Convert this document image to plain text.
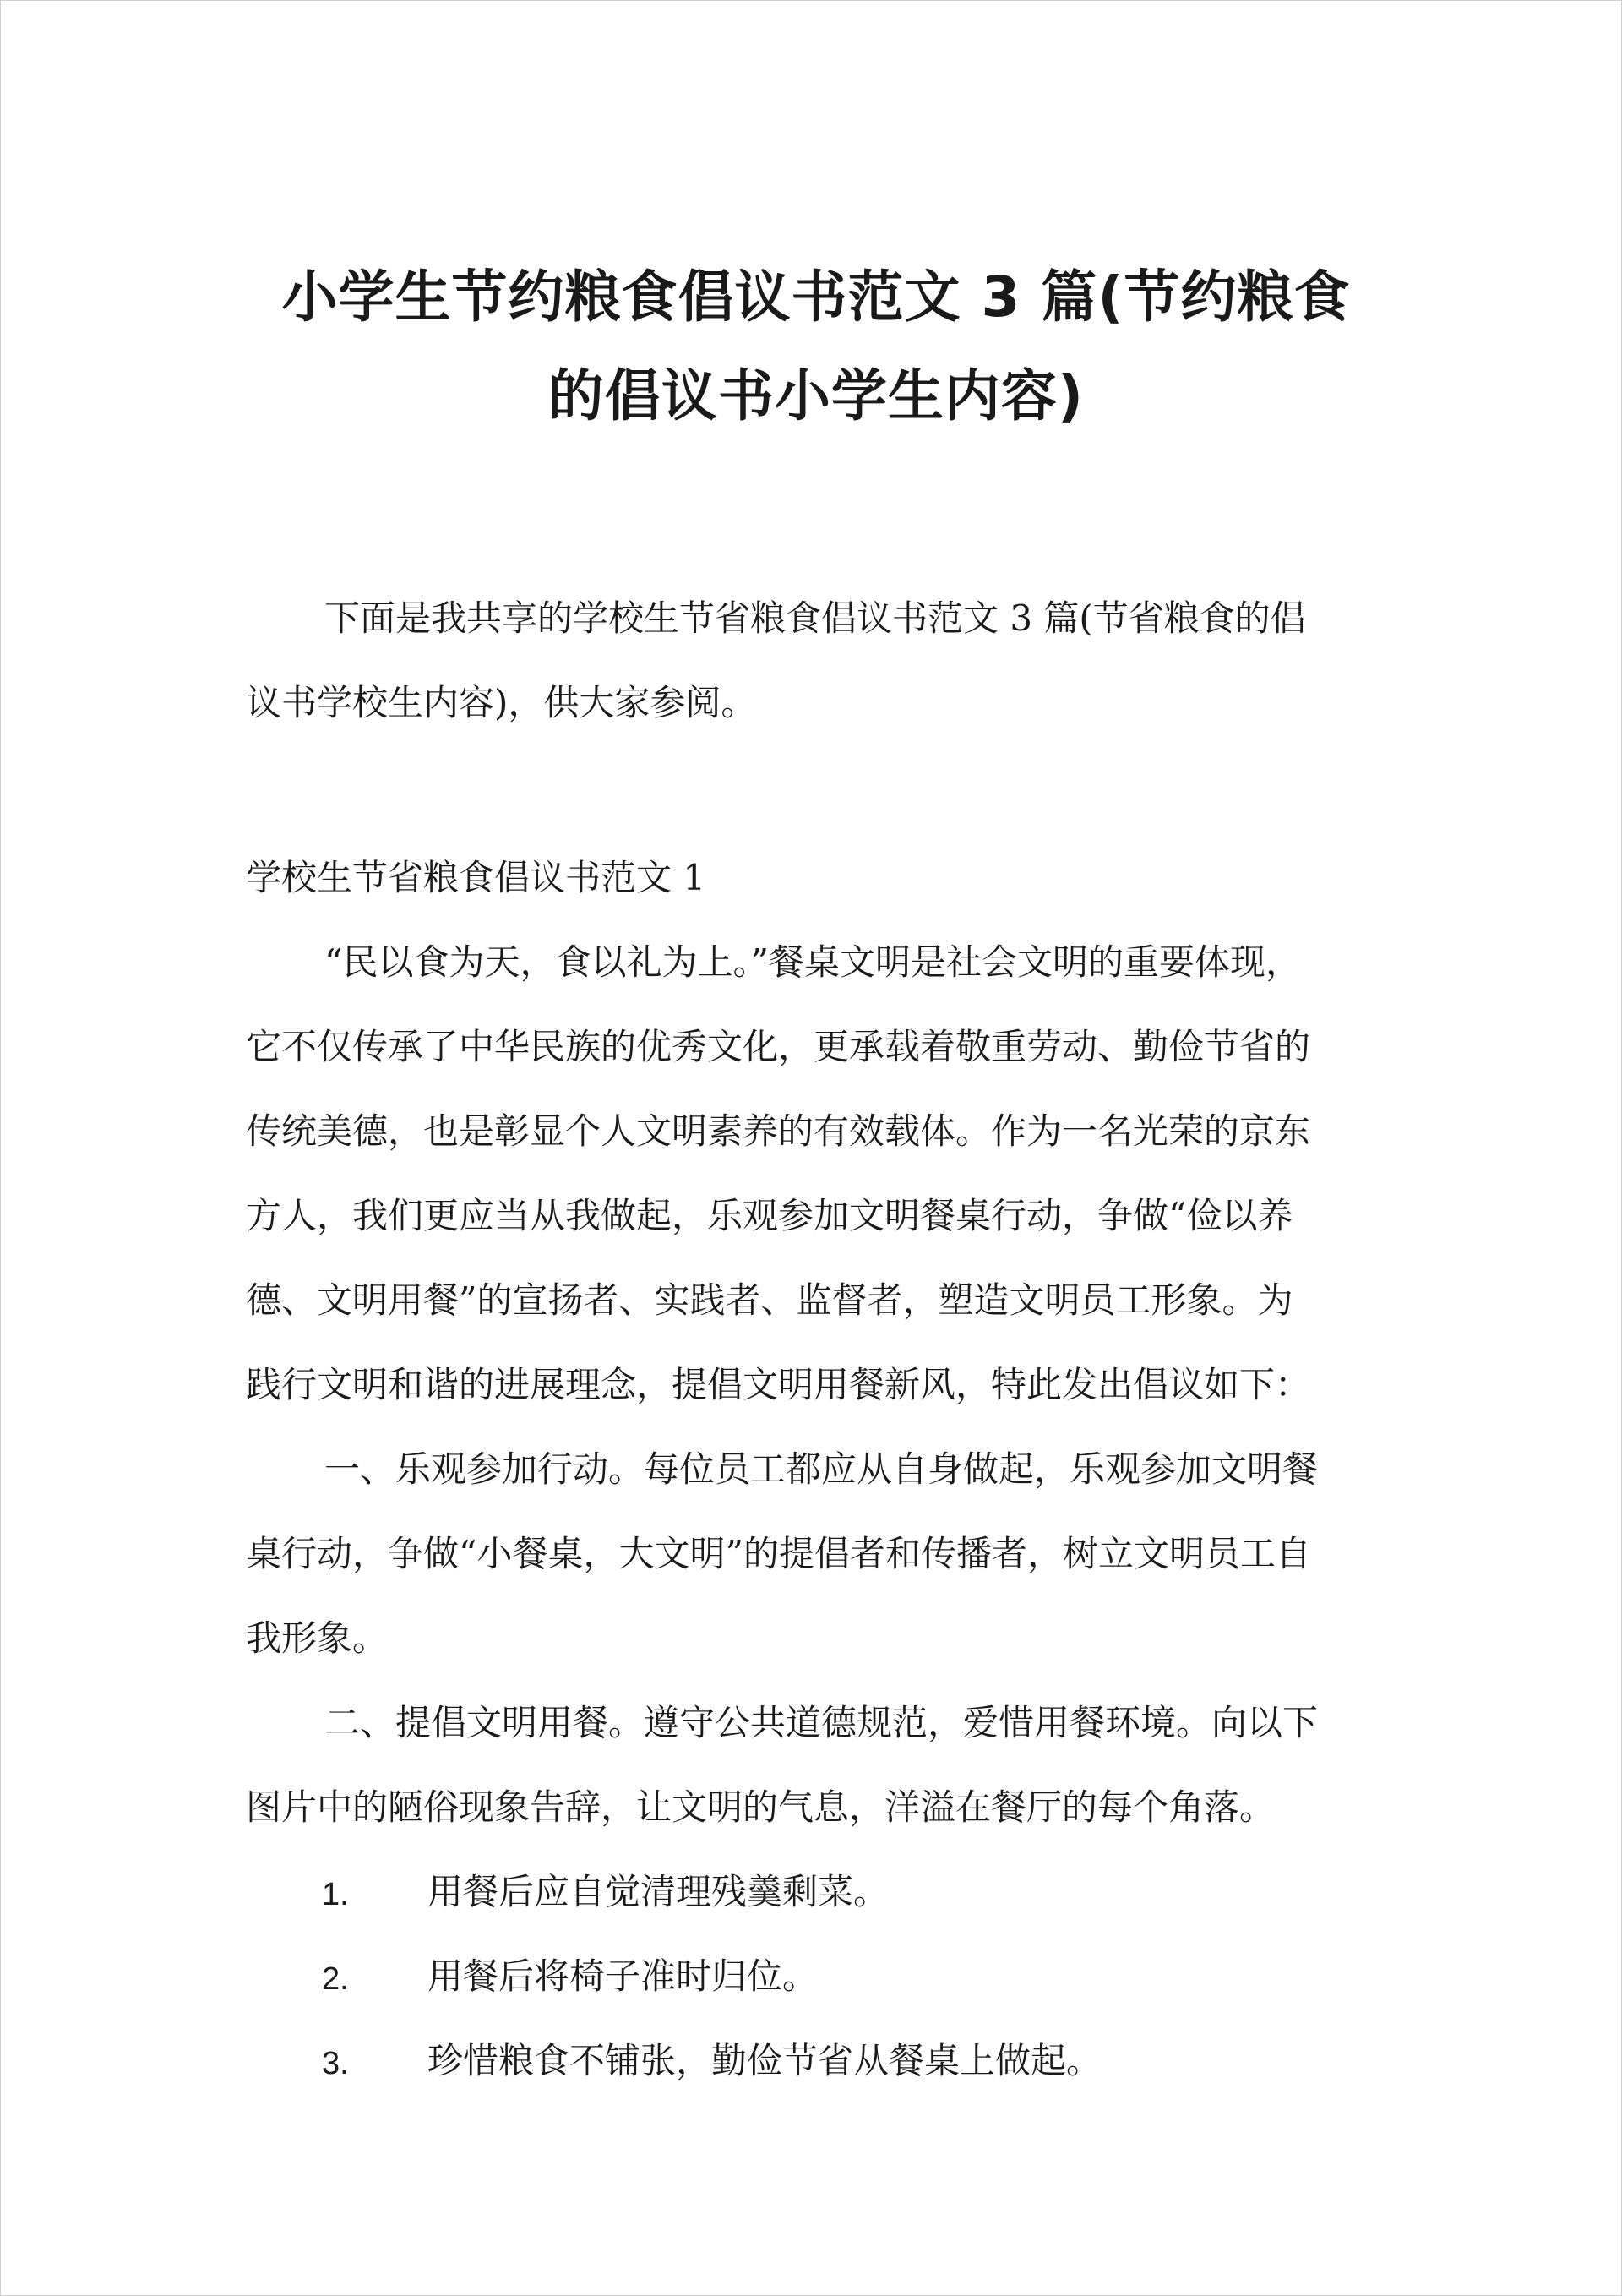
小学生节约粮食倡议书范文 3 篇(节约粮食
的倡议书小学生内容)

下面是我共享的学校生节省粮食倡议书范文 3 篇(节省粮食的倡

议书学校生内容)，供大家参阅。

学校生节省粮食倡议书范文 1

“民以食为天，食以礼为上。”餐桌文明是社会文明的重要体现，

它不仅传承了中华民族的优秀文化，更承载着敬重劳动、勤俭节省的

传统美德，也是彰显个人文明素养的有效载体。作为一名光荣的京东

方人，我们更应当从我做起，乐观参加文明餐桌行动，争做“俭以养

德、文明用餐”的宣扬者、实践者、监督者，塑造文明员工形象。为

践行文明和谐的进展理念，提倡文明用餐新风，特此发出倡议如下：

一、乐观参加行动。每位员工都应从自身做起，乐观参加文明餐

桌行动，争做“小餐桌，大文明”的提倡者和传播者，树立文明员工自

我形象。

二、提倡文明用餐。遵守公共道德规范，爱惜用餐环境。向以下

图片中的陋俗现象告辞，让文明的气息，洋溢在餐厅的每个角落。

1. 用餐后应自觉清理残羹剩菜。
2. 用餐后将椅子准时归位。
3. 珍惜粮食不铺张，勤俭节省从餐桌上做起。
